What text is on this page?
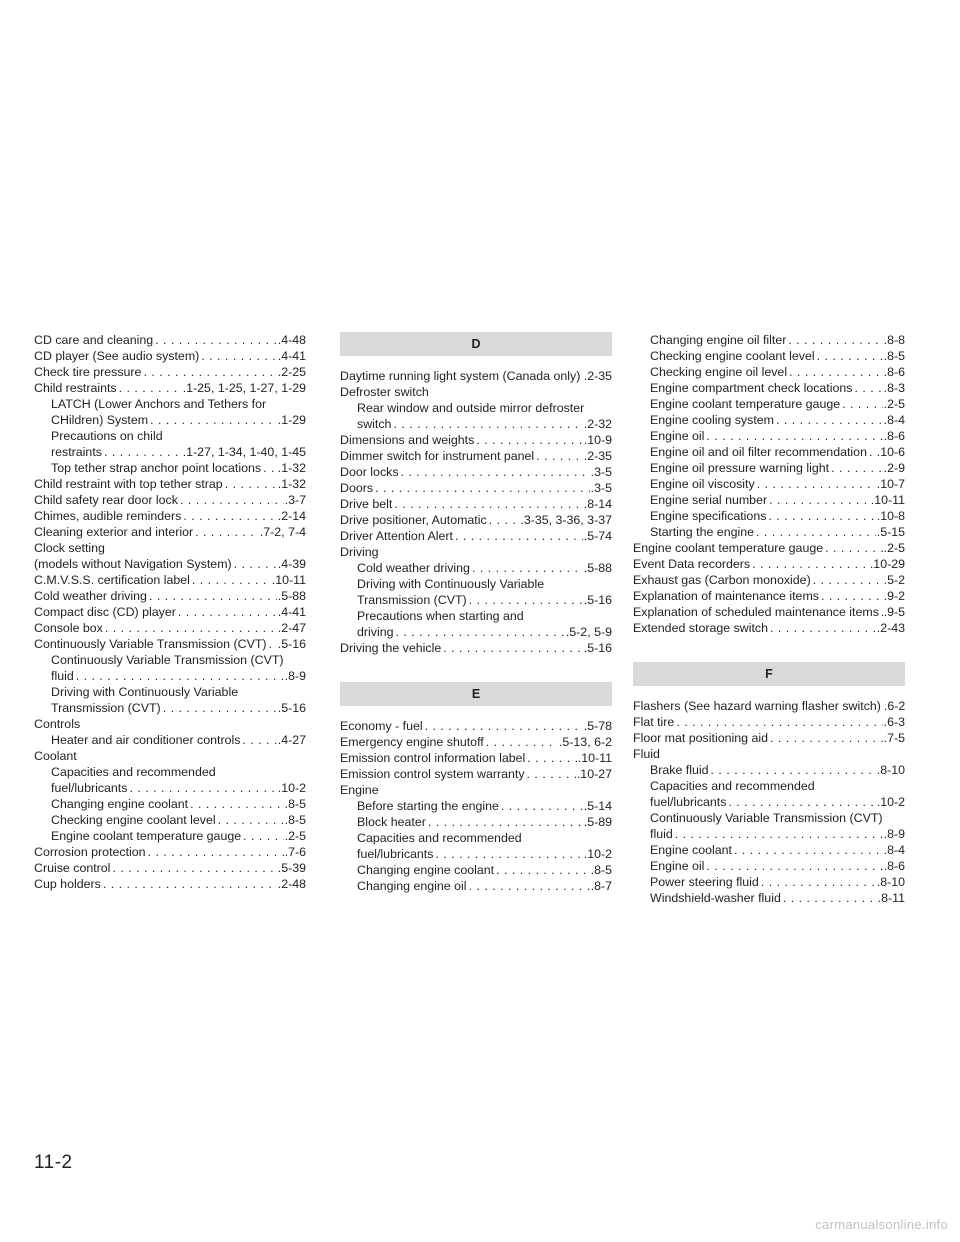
CD care and cleaning . . .	.4-48
CD player (See audio system) . . .	.4-41
Check tire pressure . . .	.2-25
Child restraints . . .	.1-25, 1-25, 1-27, 1-29
LATCH (Lower Anchors and Tethers for
CHildren) System . . .	.1-29
Precautions on child
restraints . . .	.1-27, 1-34, 1-40, 1-45
Top tether strap anchor point locations . . . .1-32
Child restraint with top tether strap . . .	.1-32
Child safety rear door lock . . .	.3-7
Chimes, audible reminders . . .	.2-14
Cleaning exterior and interior . . .	.7-2, 7-4
Clock setting
(models without Navigation System) . . .	.4-39
C.M.V.S.S. certification label . . .	.10-11
Cold weather driving . . .	.5-88
Compact disc (CD) player . . .	.4-41
Console box . . .	.2-47
Continuously Variable Transmission (CVT) . . . .5-16
Continuously Variable Transmission (CVT)
fluid . . .	.8-9
Driving with Continuously Variable
Transmission (CVT) . . .	.5-16
Controls
Heater and air conditioner controls . . .	.4-27
Coolant
Capacities and recommended
fuel/lubricants . . .	.10-2
Changing engine coolant . . .	.8-5
Checking engine coolant level . . .	.8-5
Engine coolant temperature gauge . . .	.2-5
Corrosion protection . . .	.7-6
Cruise control . . .	.5-39
Cup holders . . .	.2-48
D
Daytime running light system (Canada only) . . . .2-35
Defroster switch
Rear window and outside mirror defroster
switch . . .	.2-32
Dimensions and weights . . .	.10-9
Dimmer switch for instrument panel . . .	.2-35
Door locks . . .	.3-5
Doors . . .	.3-5
Drive belt . . .	.8-14
Drive positioner, Automatic . . .	.3-35, 3-36, 3-37
Driver Attention Alert . . .	.5-74
Driving
Cold weather driving . . .	.5-88
Driving with Continuously Variable
Transmission (CVT) . . .	.5-16
Precautions when starting and
driving . . .	.5-2, 5-9
Driving the vehicle . . .	.5-16
E
Economy - fuel . . .	.5-78
Emergency engine shutoff . . .	.5-13, 6-2
Emission control information label . . .	.10-11
Emission control system warranty . . .	.10-27
Engine
Before starting the engine . . .	.5-14
Block heater . . .	.5-89
Capacities and recommended
fuel/lubricants . . .	.10-2
Changing engine coolant . . .	.8-5
Changing engine oil . . .	.8-7
Changing engine oil filter . . .	.8-8
Checking engine coolant level . . .	.8-5
Checking engine oil level . . .	.8-6
Engine compartment check locations . . .	.8-3
Engine coolant temperature gauge . . .	.2-5
Engine cooling system . . .	.8-4
Engine oil . . .	.8-6
Engine oil and oil filter recommendation . . . .10-6
Engine oil pressure warning light . . .	.2-9
Engine oil viscosity . . .	.10-7
Engine serial number . . .	.10-11
Engine specifications . . .	.10-8
Starting the engine . . .	.5-15
Engine coolant temperature gauge . . .	.2-5
Event Data recorders . . .	.10-29
Exhaust gas (Carbon monoxide) . . .	.5-2
Explanation of maintenance items . . .	.9-2
Explanation of scheduled maintenance items . . . .9-5
Extended storage switch . . .	.2-43
F
Flashers (See hazard warning flasher switch) .6-2
Flat tire . . .	.6-3
Floor mat positioning aid . . .	.7-5
Fluid
Brake fluid . . .	.8-10
Capacities and recommended
fuel/lubricants . . .	.10-2
Continuously Variable Transmission (CVT)
fluid . . .	.8-9
Engine coolant . . .	.8-4
Engine oil . . .	.8-6
Power steering fluid . . .	.8-10
Windshield-washer fluid . . .	.8-11
11-2
carmanualsonline.info
